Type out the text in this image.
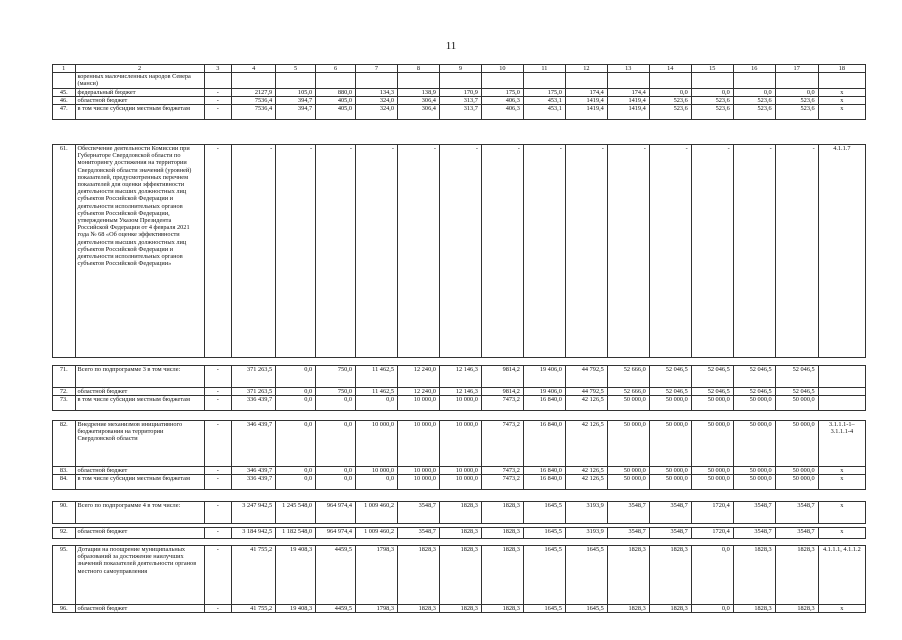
11
1	2	3	4	5	6	7	8	9	10	11	12	13	14	15	16	17	18
	коренных малочисленных народов Севера (манси)																
45.	федеральный бюджет	-	2127,9	105,0	880,0	134,3	138,9	170,9	175,0	175,0	174,4	174,4	0,0	0,0	0,0	0,0	x
46.	областной бюджет	-	7536,4	394,7	405,0	324,0	306,4	313,7	406,3	453,1	1419,4	1419,4	523,6	523,6	523,6	523,6	x
47.	в том числе субсидии местным бюджетам	-	7536,4	394,7	405,0	324,0	306,4	313,7	406,3	453,1	1419,4	1419,4	523,6	523,6	523,6	523,6	x
61.	Обеспечение деятельности Комиссии при Губернаторе Свердловской области по мониторингу достижения на территории Свердловской области значений (уровней) показателей, предусмотренных перечнем показателей для оценки эффективности деятельности высших должностных лиц субъектов Российской Федерации и деятельности исполнительных органов субъектов Российской Федерации, утвержденным Указом Президента Российской Федерации от 4 февраля 2021 года № 68 «Об оценке эффективности деятельности высших должностных лиц субъектов Российской Федерации и деятельности исполнительных органов субъектов Российской Федерации»	-	-	-	-	-	-	-	-	-	-	-	-	-	-	-	4.1.1.7
71.	Всего по подпрограмме 3 в том числе:	-	371 263,5	0,0	750,0	11 462,5	12 240,0	12 146,3	9814,2	19 406,0	44 792,5	52 666,0	52 046,5	52 046,5	52 046,5	52 046,5	
72.	областной бюджет	-	371 263,5	0,0	750,0	11 462,5	12 240,0	12 146,3	9814,2	19 406,0	44 792,5	52 666,0	52 046,5	52 046,5	52 046,5	52 046,5	
73.	в том числе субсидии местным бюджетам	-	336 439,7	0,0	0,0	0,0	10 000,0	10 000,0	7473,2	16 840,0	42 126,5	50 000,0	50 000,0	50 000,0	50 000,0	50 000,0	
82.	Внедрение механизмов инициативного бюджетирования на территории Свердловской области	-	346 439,7	0,0	0,0	10 000,0	10 000,0	10 000,0	7473,2	16 840,0	42 126,5	50 000,0	50 000,0	50 000,0	50 000,0	50 000,0	3.1.1.1-1– 3.1.1.1-4
83.	областной бюджет	-	346 439,7	0,0	0,0	10 000,0	10 000,0	10 000,0	7473,2	16 840,0	42 126,5	50 000,0	50 000,0	50 000,0	50 000,0	50 000,0	x
84.	в том числе субсидии местным бюджетам	-	336 439,7	0,0	0,0	0,0	10 000,0	10 000,0	7473,2	16 840,0	42 126,5	50 000,0	50 000,0	50 000,0	50 000,0	50 000,0	x
90.	Всего по подпрограмме 4 в том числе:	-	3 247 942,5	1 245 548,0	964 974,4	1 009 460,2	3548,7	1828,3	1828,3	1645,5	3193,9	3548,7	3548,7	1720,4	3548,7	3548,7	x
92.	областной бюджет	-	3 184 942,5	1 182 548,0	964 974,4	1 009 460,2	3548,7	1828,3	1828,3	1645,5	3193,9	3548,7	3548,7	1720,4	3548,7	3548,7	x
95.	Дотации на поощрение муниципальных образований за достижение наилучших значений показателей деятельности органов местного самоуправления	-	41 755,2	19 408,3	4459,5	1798,3	1828,3	1828,3	1828,3	1645,5	1645,5	1828,3	1828,3	0,0	1828,3	1828,3	4.1.1.1, 4.1.1.2
96.	областной бюджет	-	41 755,2	19 408,3	4459,5	1798,3	1828,3	1828,3	1828,3	1645,5	1645,5	1828,3	1828,3	0,0	1828,3	1828,3	x
